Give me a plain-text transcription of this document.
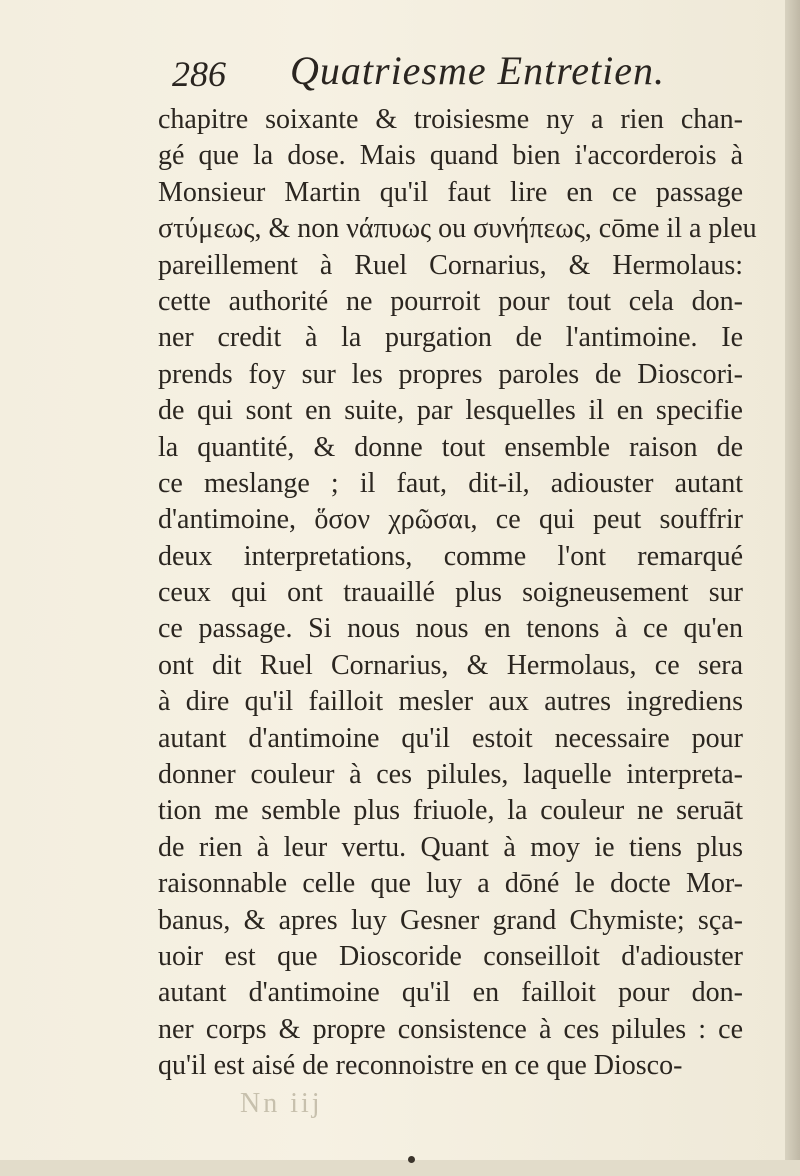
286 Quatriesme Entretien.
chapitre soixante & troisiesme ny a rien chan-
gé que la dose. Mais quand bien i'accorderois à
Monsieur Martin qu'il faut lire en ce passage
στύμεως, & non νάπυως ou συνήπεως, cōme il a pleu
pareillement à Ruel Cornarius, & Hermolaus:
cette authorité ne pourroit pour tout cela don-
ner credit à la purgation de l'antimoine. Ie
prends foy sur les propres paroles de Dioscori-
de qui sont en suite, par lesquelles il en specifie
la quantité, & donne tout ensemble raison de
ce meslange ; il faut, dit-il, adiouster autant
d'antimoine, ὅσον χρῶσαι, ce qui peut souffrir
deux interpretations, comme l'ont remarqué
ceux qui ont trauaillé plus soigneusement sur
ce passage. Si nous nous en tenons à ce qu'en
ont dit Ruel Cornarius, & Hermolaus, ce sera
à dire qu'il failloit mesler aux autres ingrediens
autant d'antimoine qu'il estoit necessaire pour
donner couleur à ces pilules, laquelle interpreta-
tion me semble plus friuole, la couleur ne seruāt
de rien à leur vertu. Quant à moy ie tiens plus
raisonnable celle que luy a dōné le docte Mor-
banus, & apres luy Gesner grand Chymiste; sça-
uoir est que Dioscoride conseilloit d'adiouster
autant d'antimoine qu'il en failloit pour don-
ner corps & propre consistence à ces pilules : ce
qu'il est aisé de reconnoistre en ce que Diosco-
Nn iij
